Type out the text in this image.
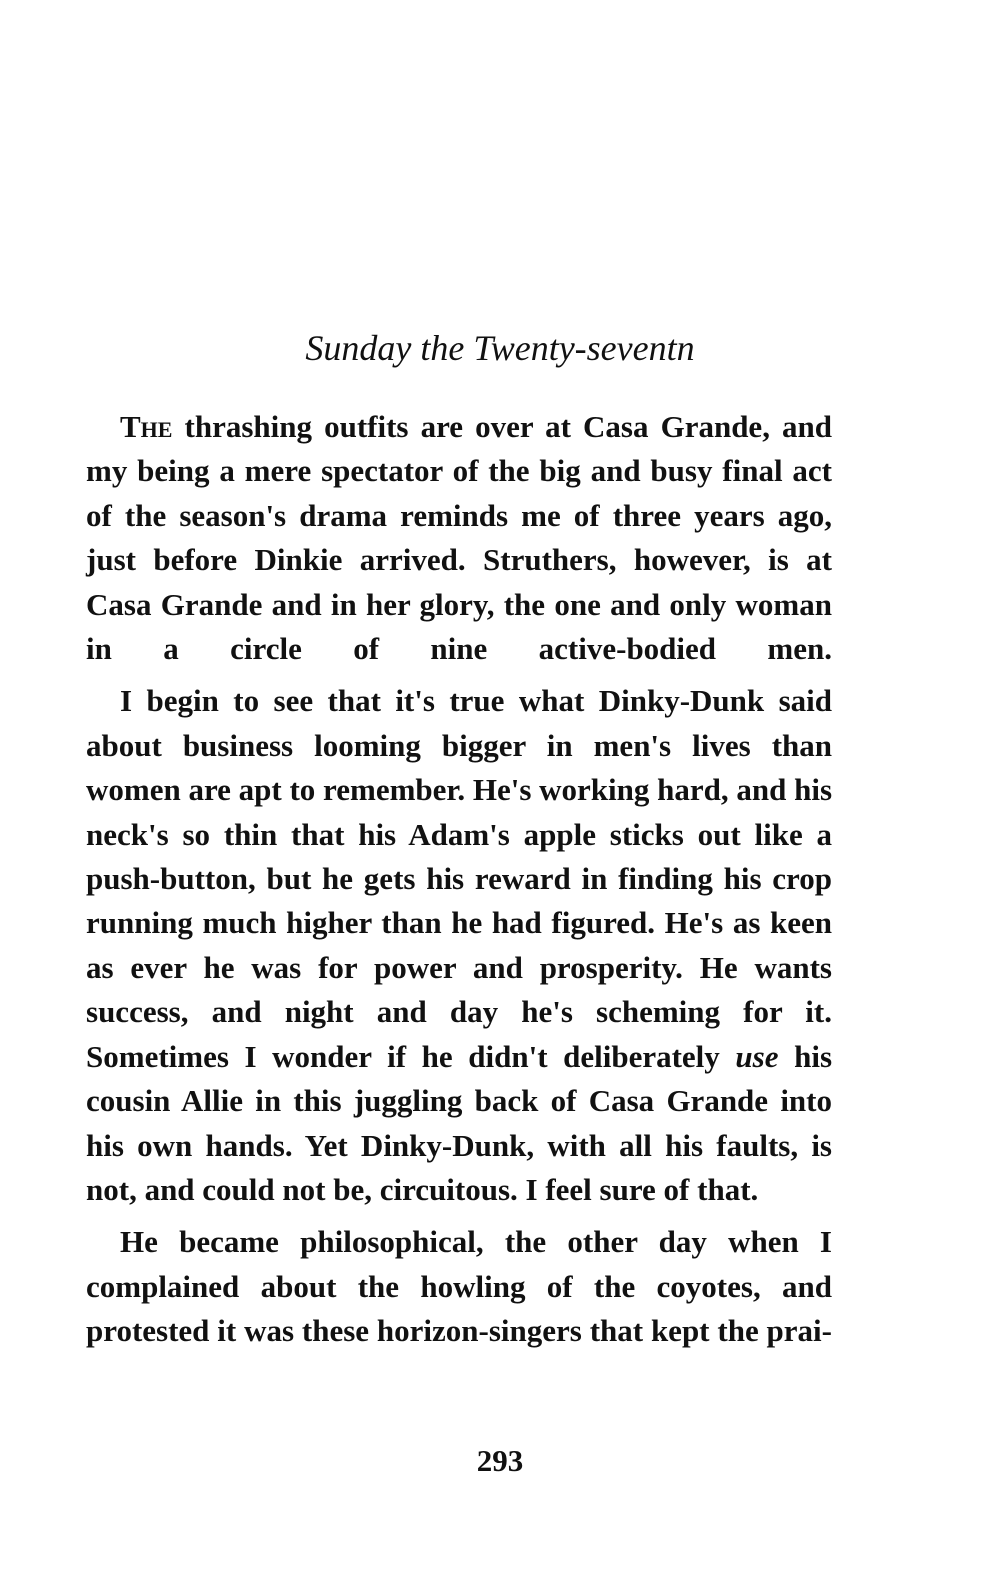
Sunday the Twenty-seventn

The thrashing outfits are over at Casa Grande, and my being a mere spectator of the big and busy final act of the season's drama reminds me of three years ago, just before Dinkie arrived. Struthers, however, is at Casa Grande and in her glory, the one and only woman in a circle of nine active-bodied men.

I begin to see that it's true what Dinky-Dunk said about business looming bigger in men's lives than women are apt to remember. He's working hard, and his neck's so thin that his Adam's apple sticks out like a push-button, but he gets his reward in finding his crop running much higher than he had figured. He's as keen as ever he was for power and prosperity. He wants success, and night and day he's scheming for it. Sometimes I wonder if he didn't deliberately use his cousin Allie in this juggling back of Casa Grande into his own hands. Yet Dinky-Dunk, with all his faults, is not, and could not be, circuitous. I feel sure of that.

He became philosophical, the other day when I complained about the howling of the coyotes, and protested it was these horizon-singers that kept the prai-

293
